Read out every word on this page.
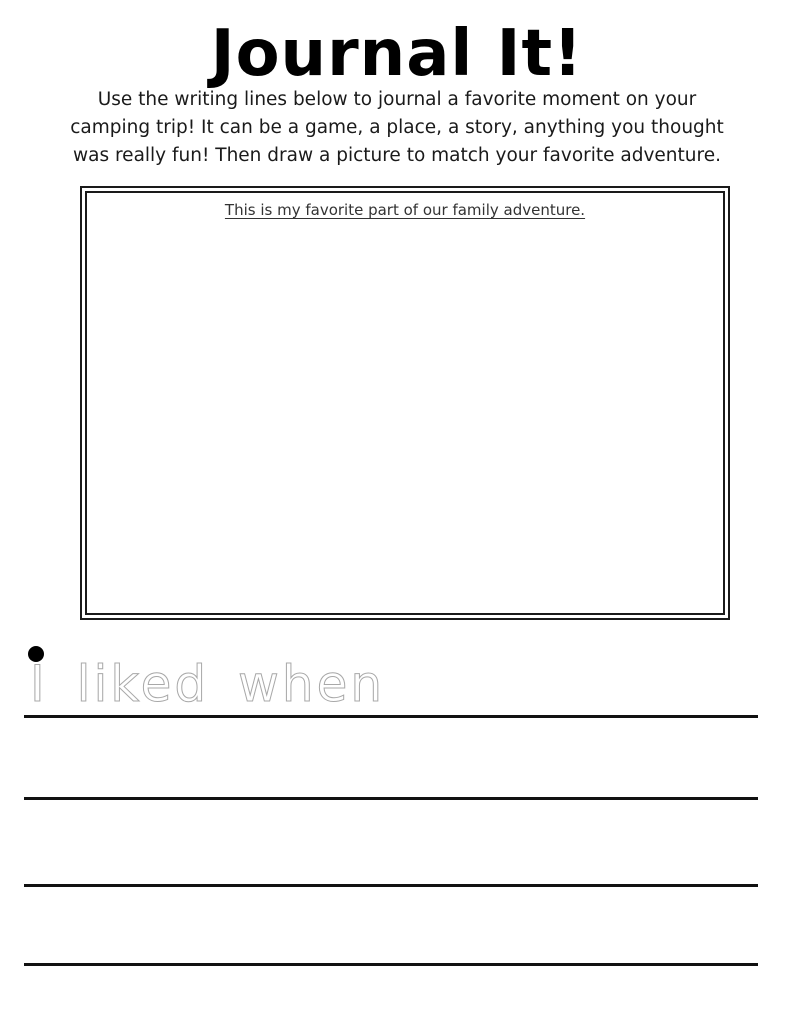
Journal It!
Use the writing lines below to journal a favorite moment on your camping trip! It can be a game, a place, a story, anything you thought was really fun! Then draw a picture to match your favorite adventure.
This is my favorite part of our family adventure.
I liked when
